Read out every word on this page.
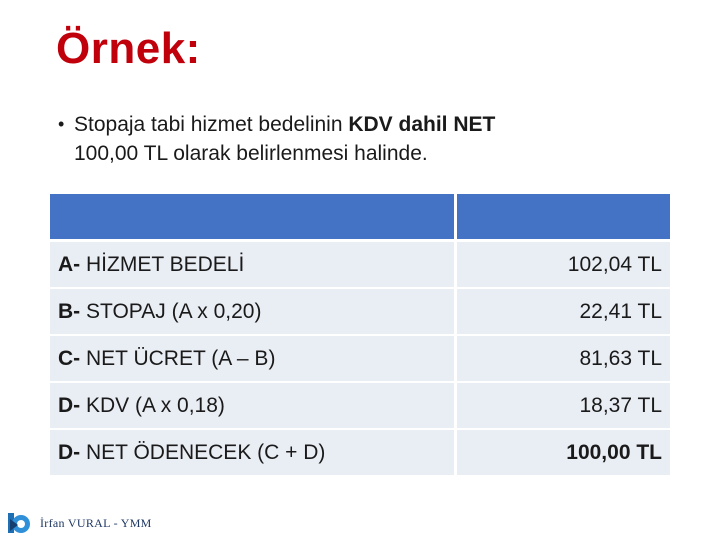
Örnek:
• Stopaja tabi hizmet bedelinin KDV dahil NET
100,00 TL olarak belirlenmesi halinde.

A- HİZMET BEDELİ	102,04 TL
B- STOPAJ (A x 0,20)	22,41 TL
C- NET ÜCRET (A – B)	81,63 TL
D- KDV (A x 0,18)	18,37 TL
D- NET ÖDENECEK (C + D)	100,00 TL
İrfan VURAL - YMM
